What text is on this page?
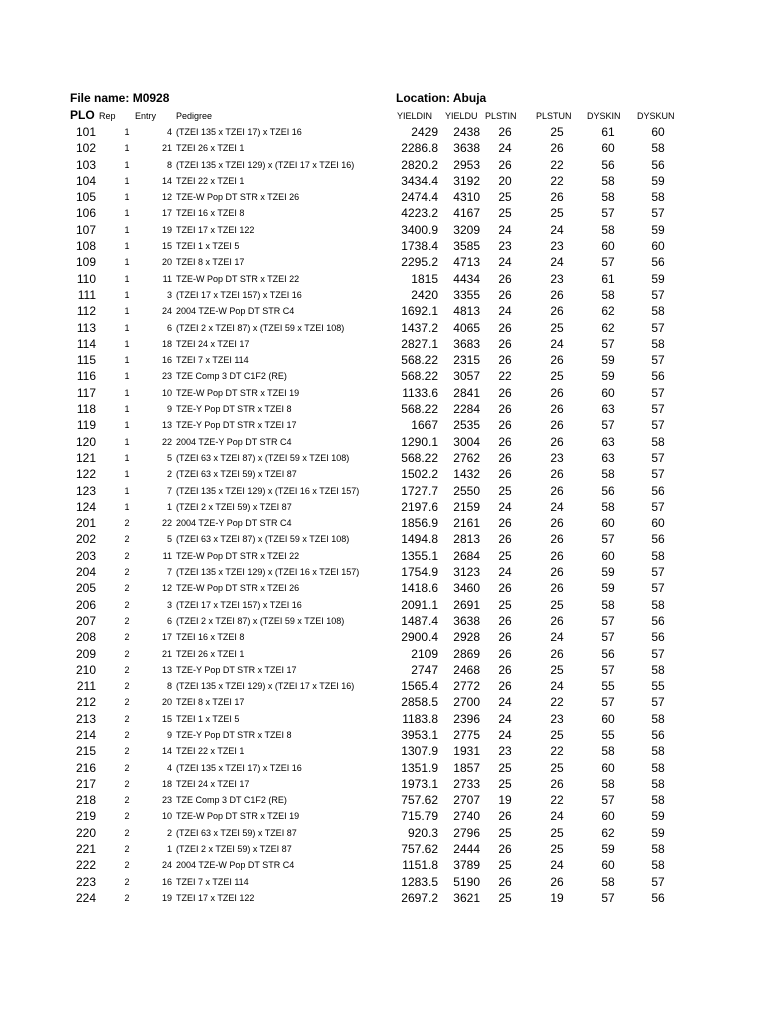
File name: M0928	Location: Abuja
PLO Rep Entry Pedigree	YIELDIN YIELDU PLSTIN PLSTUN DYSKIN DYSKUN
101	1	4 (TZEI 135 x TZEI 17) x TZEI 16	2429	2438	26	25	61	60
102	1	21 TZEI 26 x TZEI 1	2286.8	3638	24	26	60	58
103	1	8 (TZEI 135 x TZEI 129) x (TZEI 17 x TZEI 16)	2820.2	2953	26	22	56	56
104	1	14 TZEI 22 x TZEI 1	3434.4	3192	20	22	58	59
105	1	12 TZE-W Pop DT STR x TZEI 26	2474.4	4310	25	26	58	58
106	1	17 TZEI 16 x TZEI 8	4223.2	4167	25	25	57	57
107	1	19 TZEI 17 x TZEI 122	3400.9	3209	24	24	58	59
108	1	15 TZEI 1 x TZEI 5	1738.4	3585	23	23	60	60
109	1	20 TZEI 8 x TZEI 17	2295.2	4713	24	24	57	56
110	1	11 TZE-W Pop DT STR x TZEI 22	1815	4434	26	23	61	59
111	1	3 (TZEI 17 x TZEI 157) x TZEI 16	2420	3355	26	26	58	57
112	1	24 2004 TZE-W Pop DT STR C4	1692.1	4813	24	26	62	58
113	1	6 (TZEI 2 x TZEI 87) x (TZEI 59 x TZEI 108)	1437.2	4065	26	25	62	57
114	1	18 TZEI 24 x TZEI 17	2827.1	3683	26	24	57	58
115	1	16 TZEI 7 x TZEI 114	568.22	2315	26	26	59	57
116	1	23 TZE Comp 3 DT C1F2 (RE)	568.22	3057	22	25	59	56
117	1	10 TZE-W Pop DT STR x TZEI 19	1133.6	2841	26	26	60	57
118	1	9 TZE-Y Pop DT STR x TZEI 8	568.22	2284	26	26	63	57
119	1	13 TZE-Y Pop DT STR x TZEI 17	1667	2535	26	26	57	57
120	1	22 2004 TZE-Y Pop DT STR C4	1290.1	3004	26	26	63	58
121	1	5 (TZEI 63 x TZEI 87) x (TZEI 59 x TZEI 108)	568.22	2762	26	23	63	57
122	1	2 (TZEI 63 x TZEI 59) x TZEI 87	1502.2	1432	26	26	58	57
123	1	7 (TZEI 135 x TZEI 129) x (TZEI 16 x TZEI 157)	1727.7	2550	25	26	56	56
124	1	1 (TZEI 2 x TZEI 59) x TZEI 87	2197.6	2159	24	24	58	57
201	2	22 2004 TZE-Y Pop DT STR C4	1856.9	2161	26	26	60	60
202	2	5 (TZEI 63 x TZEI 87) x (TZEI 59 x TZEI 108)	1494.8	2813	26	26	57	56
203	2	11 TZE-W Pop DT STR x TZEI 22	1355.1	2684	25	26	60	58
204	2	7 (TZEI 135 x TZEI 129) x (TZEI 16 x TZEI 157)	1754.9	3123	24	26	59	57
205	2	12 TZE-W Pop DT STR x TZEI 26	1418.6	3460	26	26	59	57
206	2	3 (TZEI 17 x TZEI 157) x TZEI 16	2091.1	2691	25	25	58	58
207	2	6 (TZEI 2 x TZEI 87) x (TZEI 59 x TZEI 108)	1487.4	3638	26	26	57	56
208	2	17 TZEI 16 x TZEI 8	2900.4	2928	26	24	57	56
209	2	21 TZEI 26 x TZEI 1	2109	2869	26	26	56	57
210	2	13 TZE-Y Pop DT STR x TZEI 17	2747	2468	26	25	57	58
211	2	8 (TZEI 135 x TZEI 129) x (TZEI 17 x TZEI 16)	1565.4	2772	26	24	55	55
212	2	20 TZEI 8 x TZEI 17	2858.5	2700	24	22	57	57
213	2	15 TZEI 1 x TZEI 5	1183.8	2396	24	23	60	58
214	2	9 TZE-Y Pop DT STR x TZEI 8	3953.1	2775	24	25	55	56
215	2	14 TZEI 22 x TZEI 1	1307.9	1931	23	22	58	58
216	2	4 (TZEI 135 x TZEI 17) x TZEI 16	1351.9	1857	25	25	60	58
217	2	18 TZEI 24 x TZEI 17	1973.1	2733	25	26	58	58
218	2	23 TZE Comp 3 DT C1F2 (RE)	757.62	2707	19	22	57	58
219	2	10 TZE-W Pop DT STR x TZEI 19	715.79	2740	26	24	60	59
220	2	2 (TZEI 63 x TZEI 59) x TZEI 87	920.3	2796	25	25	62	59
221	2	1 (TZEI 2 x TZEI 59) x TZEI 87	757.62	2444	26	25	59	58
222	2	24 2004 TZE-W Pop DT STR C4	1151.8	3789	25	24	60	58
223	2	16 TZEI 7 x TZEI 114	1283.5	5190	26	26	58	57
224	2	19 TZEI 17 x TZEI 122	2697.2	3621	25	19	57	56
